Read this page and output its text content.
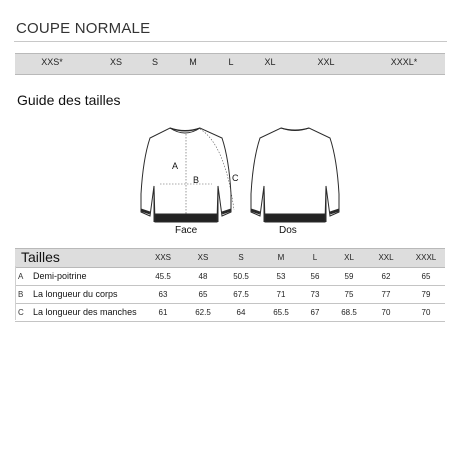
COUPE NORMALE
XXS*	XS	S	M	L	XL	XXL	XXXL*
Guide des tailles
A
B	C
Face	Dos
Tailles	XXS	XS	S	M	L	XL	XXL	XXXL
A Demi-poitrine	45.5	48	50.5	53	56	59	62	65
B La longueur du corps	63	65	67.5	71	73	75	77	79
C La longueur des manches	61	62.5	64	65.5	67	68.5	70	70
